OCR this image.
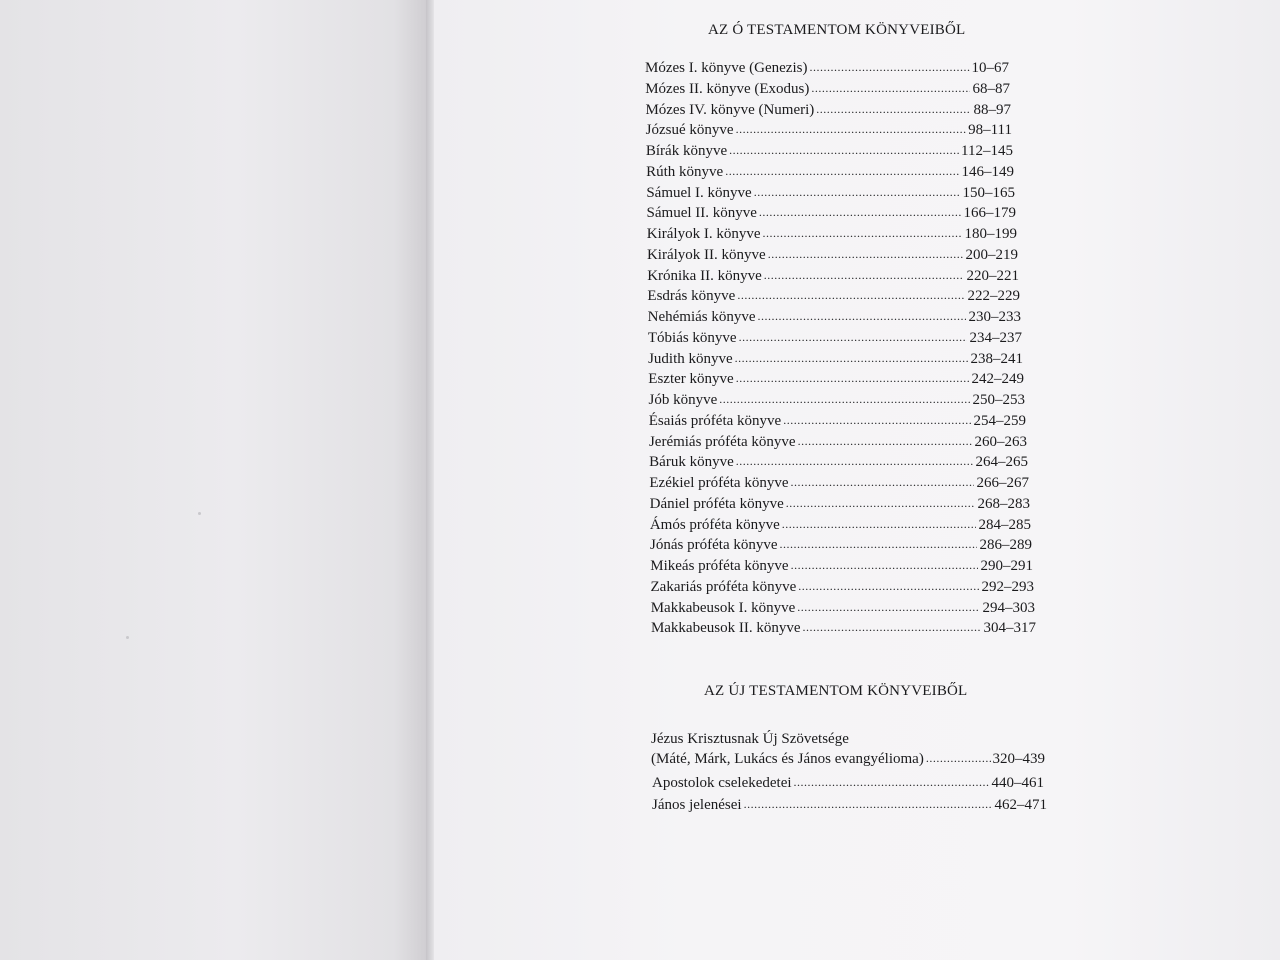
AZ Ó TESTAMENTOM KÖNYVEIBŐL
Mózes I. könyve (Genezis) .....	10–67
Mózes II. könyve (Exodus) .....	68–87
Mózes IV. könyve (Numeri) .....	88–97
Józsué könyve .....	98–111
Bírák könyve .....	112–145
Rúth könyve .....	146–149
Sámuel I. könyve .....	150–165
Sámuel II. könyve .....	166–179
Királyok I. könyve .....	180–199
Királyok II. könyve .....	200–219
Krónika II. könyve .....	220–221
Esdrás könyve .....	222–229
Nehémiás könyve .....	230–233
Tóbiás könyve .....	234–237
Judith könyve .....	238–241
Eszter könyve .....	242–249
Jób könyve .....	250–253
Ésaiás próféta könyve .....	254–259
Jerémiás próféta könyve .....	260–263
Báruk könyve .....	264–265
Ezékiel próféta könyve .....	266–267
Dániel próféta könyve .....	268–283
Ámós próféta könyve .....	284–285
Jónás próféta könyve .....	286–289
Mikeás próféta könyve .....	290–291
Zakariás próféta könyve .....	292–293
Makkabeusok I. könyve .....	294–303
Makkabeusok II. könyve .....	304–317
AZ ÚJ TESTAMENTOM KÖNYVEIBŐL
Jézus Krisztusnak Új Szövetsége
(Máté, Márk, Lukács és János evangyélioma) .....	320–439
Apostolok cselekedetei .....	440–461
János jelenései .....	462–471
